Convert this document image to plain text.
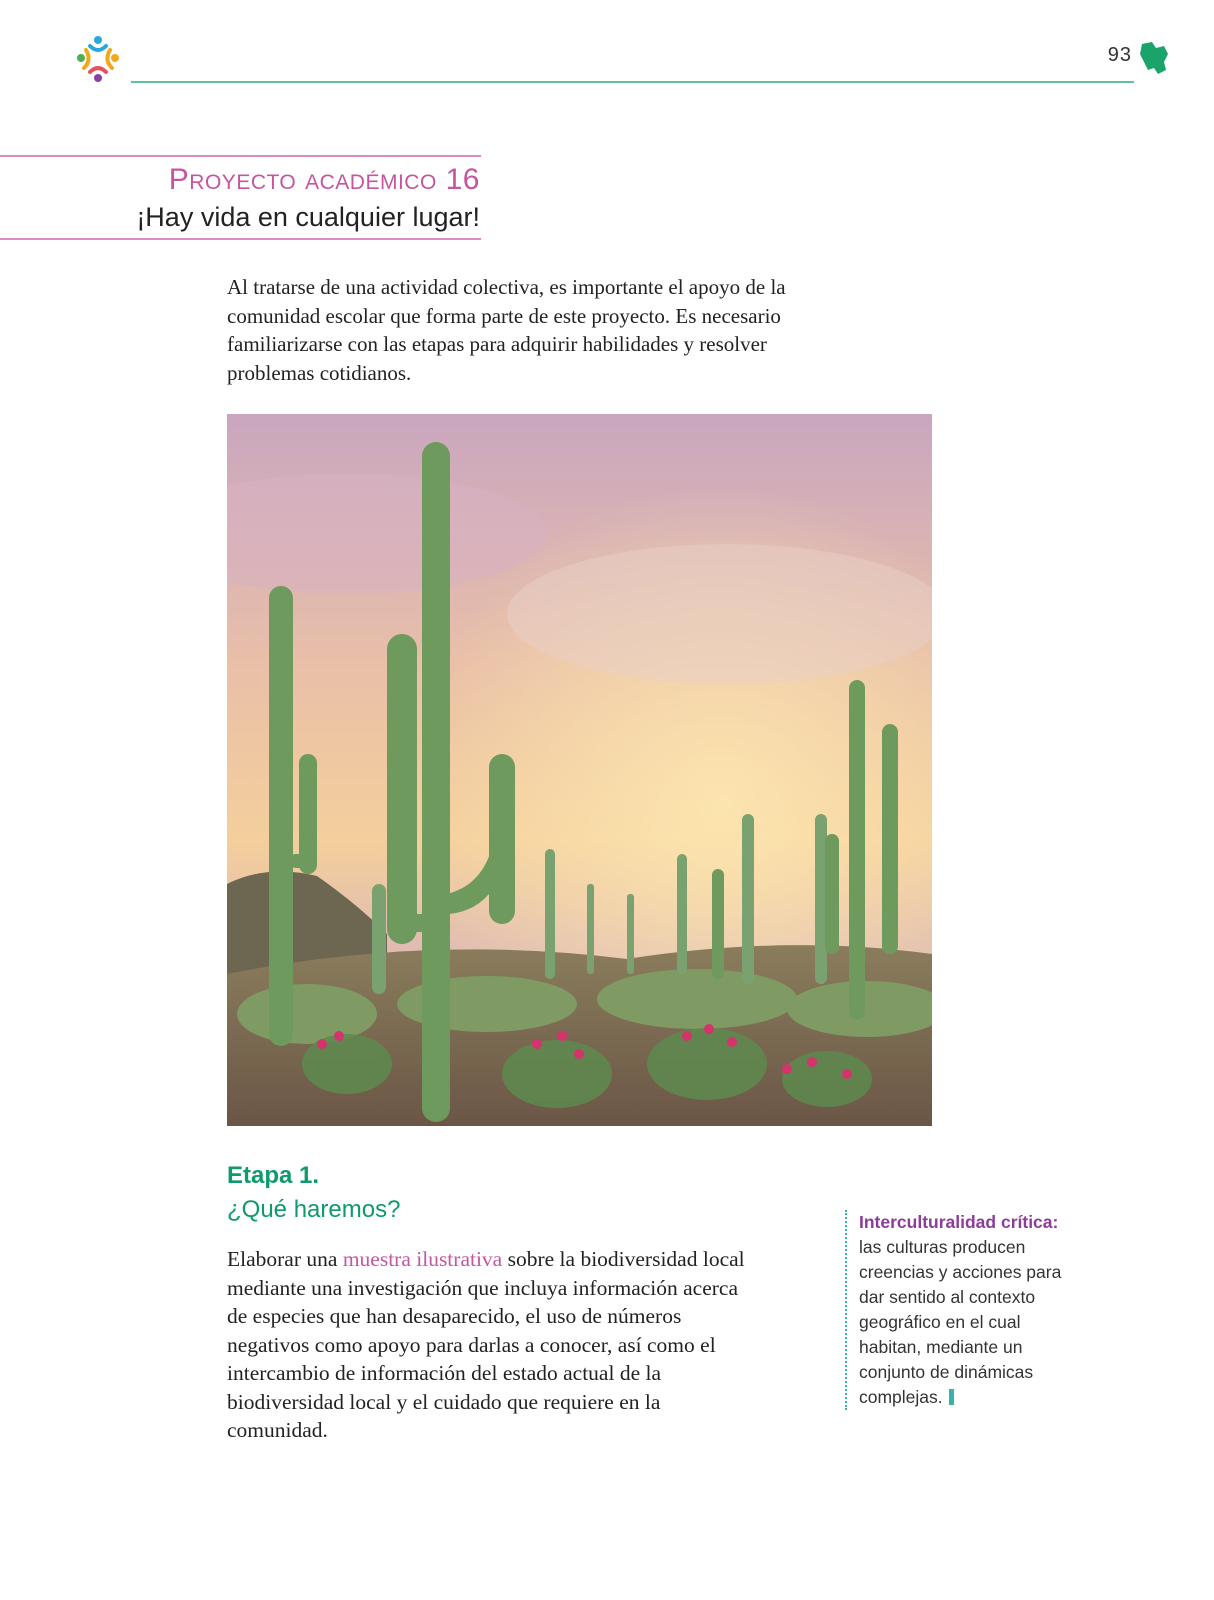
93
Proyecto académico 16
¡Hay vida en cualquier lugar!

Al tratarse de una actividad colectiva, es importante el apoyo de la comunidad escolar que forma parte de este proyecto. Es necesario familiarizarse con las etapas para adquirir habilidades y resolver problemas cotidianos.

Etapa 1.
¿Qué haremos?

Elaborar una muestra ilustrativa sobre la biodiversidad local mediante una investigación que incluya información acerca de especies que han desaparecido, el uso de números negativos como apoyo para darlas a conocer, así como el intercambio de información del estado actual de la biodiversidad local y el cuidado que requiere en la comunidad.

Interculturalidad crítica: las culturas producen creencias y acciones para dar sentido al contexto geográfico en el cual habitan, mediante un conjunto de dinámicas complejas.
